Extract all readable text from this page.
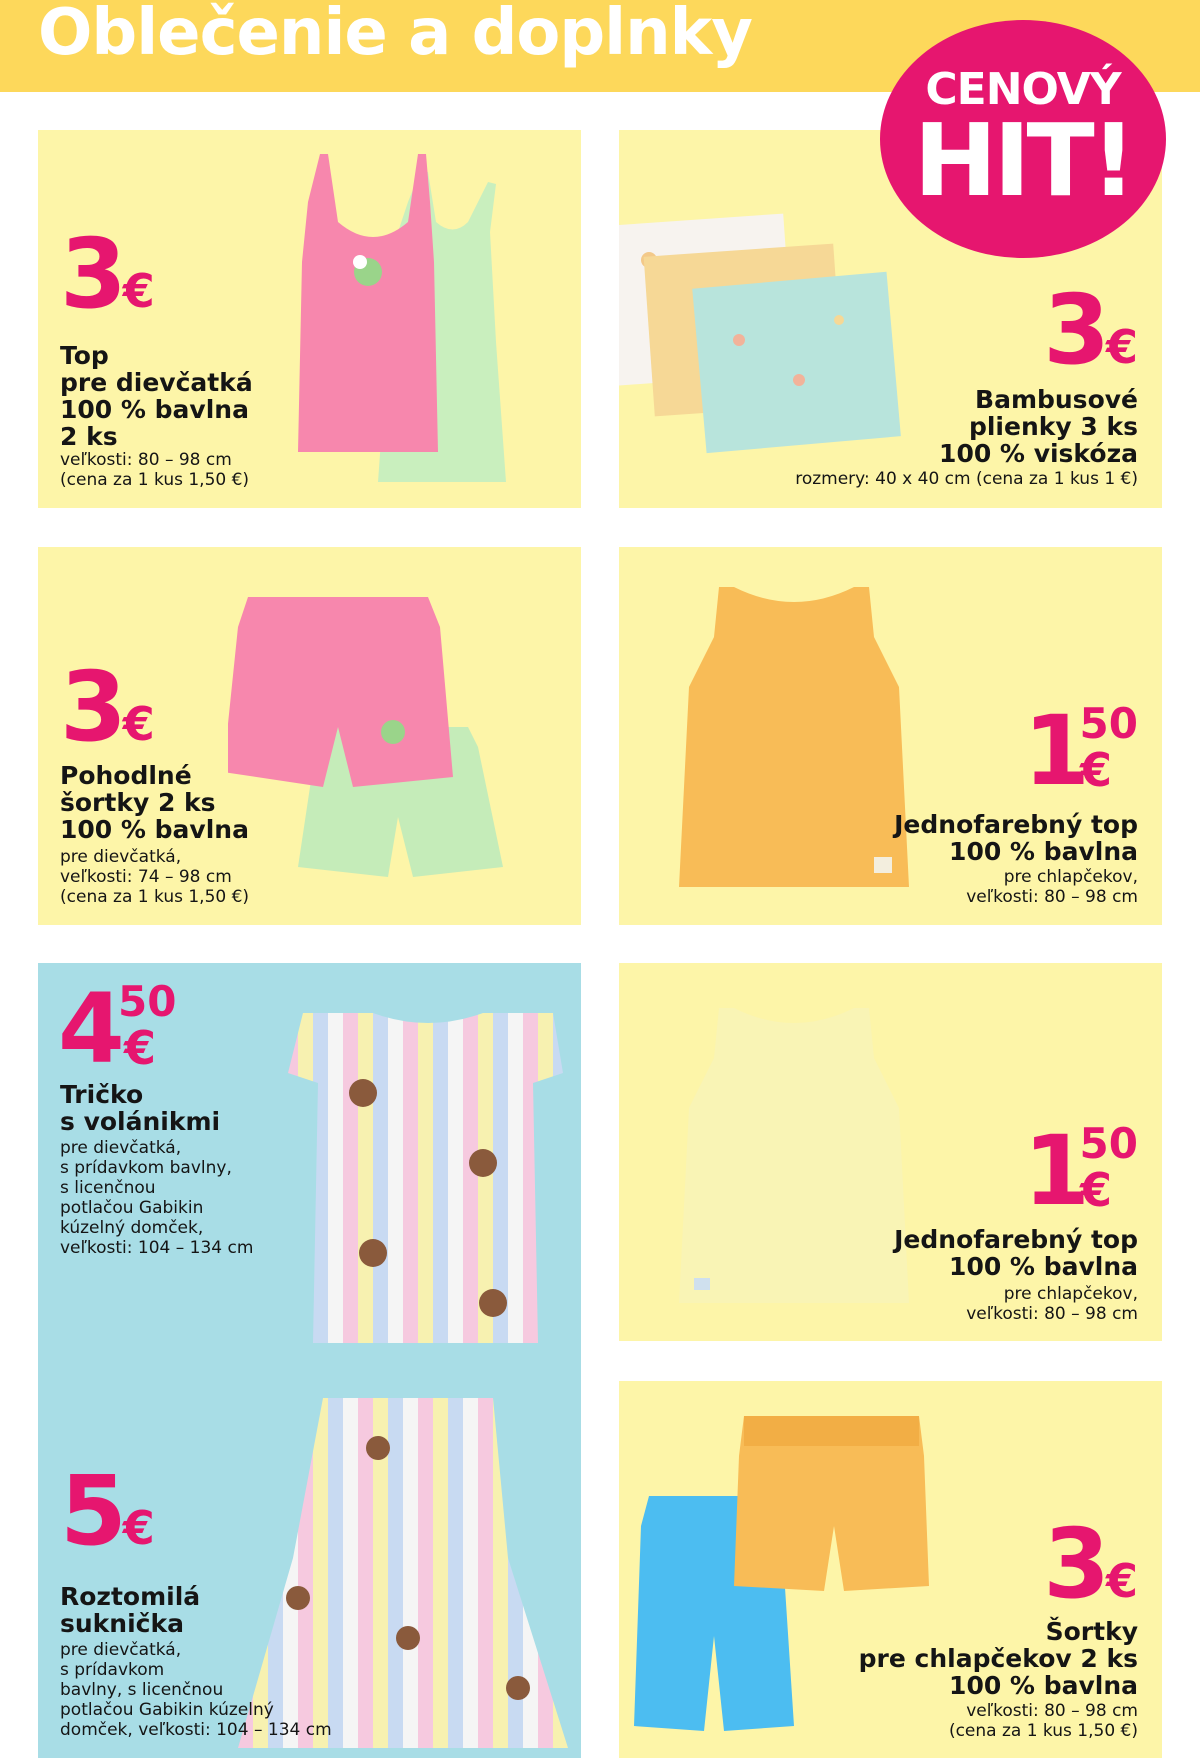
Oblečenie a doplnky
CENOVÝ
HIT!
3€
Top
pre dievčatká
100 % bavlna
2 ks
veľkosti: 80 – 98 cm
(cena za 1 kus 1,50 €)
3€
Bambusové
plienky 3 ks
100 % viskóza
rozmery: 40 x 40 cm (cena za 1 kus 1 €)
3€
Pohodlné
šortky 2 ks
100 % bavlna
pre dievčatká,
veľkosti: 74 – 98 cm
(cena za 1 kus 1,50 €)
1
50
€
Jednofarebný top
100 % bavlna
pre chlapčekov,
veľkosti: 80 – 98 cm
4
50
€
Tričko
s volánikmi
pre dievčatká,
s prídavkom bavlny,
s licenčnou
potlačou Gabikin
kúzelný domček,
veľkosti: 104 – 134 cm
5€
Roztomilá
suknička
pre dievčatká,
s prídavkom
bavlny, s licenčnou
potlačou Gabikin kúzelný
domček, veľkosti: 104 – 134 cm
1
50
€
Jednofarebný top
100 % bavlna
pre chlapčekov,
veľkosti: 80 – 98 cm
3€
Šortky
pre chlapčekov 2 ks
100 % bavlna
veľkosti: 80 – 98 cm
(cena za 1 kus 1,50 €)
